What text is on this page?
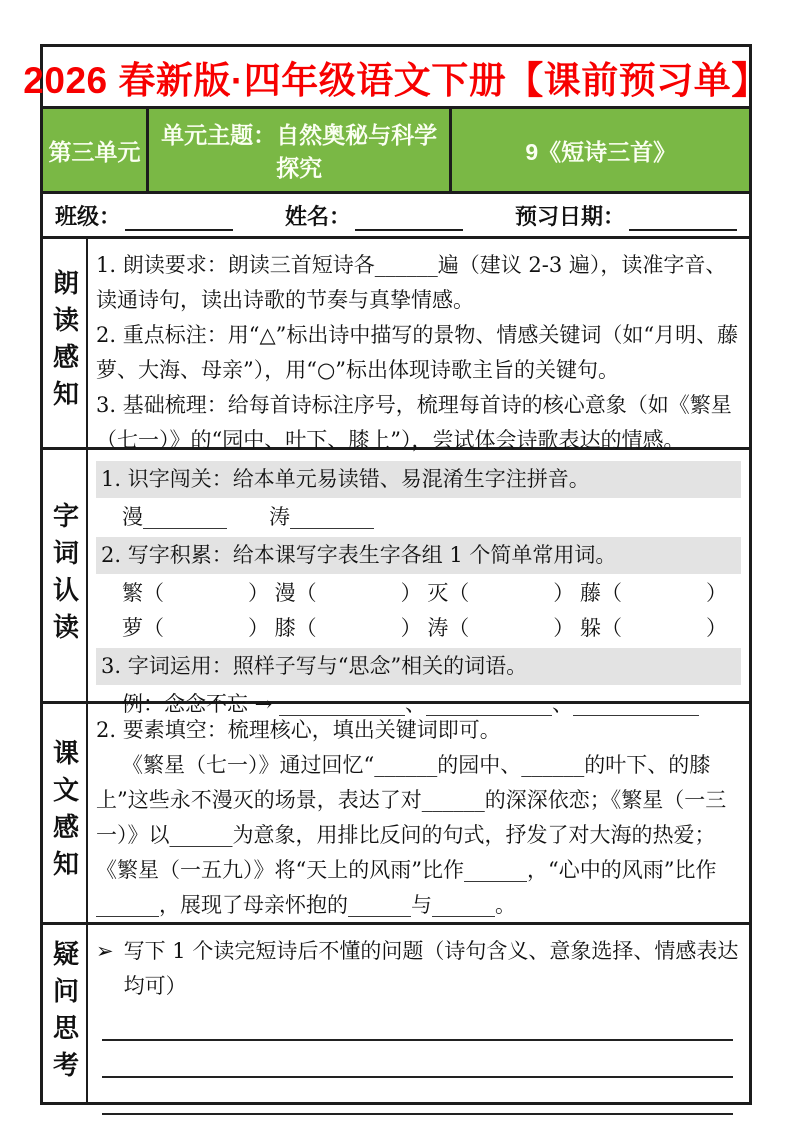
2026 春新版·四年级语文下册【课前预习单】
第三单元
单元主题：自然奥秘与科学探究
9《短诗三首》
班级：	姓名：	预习日期：
朗读感知

1. 朗读要求：朗读三首短诗各______遍（建议 2-3 遍），读准字音、读通诗句，读出诗歌的节奏与真挚情感。

2. 重点标注：用“△”标出诗中描写的景物、情感关键词（如“月明、藤萝、大海、母亲”），用“○”标出体现诗歌主旨的关键句。

3. 基础梳理：给每首诗标注序号，梳理每首诗的核心意象（如《繁星（七一）》的“园中、叶下、膝上”），尝试体会诗歌表达的情感。

字词认读
1. 识字闯关：给本单元易读错、易混淆生字注拼音。
漫________　　涛________
2. 写字积累：给本课写字表生字各组 1 个简单常用词。
繁（　　　　） 漫（　　　　） 灭（　　　　） 藤（　　　　）
萝（　　　　） 膝（　　　　） 涛（　　　　） 躲（　　　　）
3. 字词运用：照样子写与“思念”相关的词语。
例：念念不忘 → ____________、____________、____________
课文感知

2. 要素填空：梳理核心，填出关键词即可。

《繁星（七一）》通过回忆“______的园中、______的叶下、的膝上”这些永不漫灭的场景，表达了对______的深深依恋；《繁星（一三一）》以______为意象，用排比反问的句式，抒发了对大海的热爱；《繁星（一五九）》将“天上的风雨”比作______，“心中的风雨”比作______，展现了母亲怀抱的______与______。

疑问思考 ➢ 写下 1 个读完短诗后不懂的问题（诗句含义、意象选择、情感表达均可）
